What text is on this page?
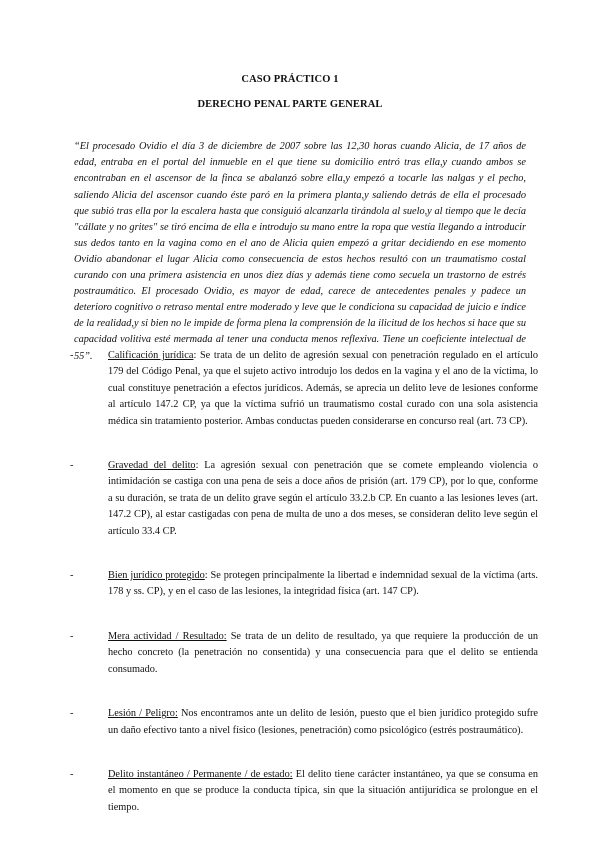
CASO PRÁCTICO 1
DERECHO PENAL PARTE GENERAL

“El procesado Ovidio el día 3 de diciembre de 2007 sobre las 12,30 horas cuando Alicia, de 17 años de edad, entraba en el portal del inmueble en el que tiene su domicilio entró tras ella,y cuando ambos se encontraban en el ascensor de la finca se abalanzó sobre ella,y empezó a tocarle las nalgas y el pecho, saliendo Alicia del ascensor cuando éste paró en la primera planta,y saliendo detrás de ella el procesado que subió tras ella por la escalera hasta que consiguió alcanzarla tirándola al suelo,y al tiempo que le decía "cállate y no grites" se tiró encima de ella e introdujo su mano entre la ropa que vestía llegando a introducir sus dedos tanto en la vagina como en el ano de Alicia quien empezó a gritar decidiendo en ese momento Ovidio abandonar el lugar Alicia como consecuencia de estos hechos resultó con un traumatismo costal curando con una primera asistencia en unos diez días y además tiene como secuela un trastorno de estrés postraumático. El procesado Ovidio, es mayor de edad, carece de antecedentes penales y padece un deterioro cognitivo o retraso mental entre moderado y leve que le condiciona su capacidad de juicio e índice de la realidad,y si bien no le impide de forma plena la comprensión de la ilicitud de los hechos si hace que su capacidad volitiva esté mermada al tener una conducta menos reflexiva. Tiene un coeficiente intelectual de 55”.

-	Calificación jurídica: Se trata de un delito de agresión sexual con penetración regulado en el artículo 179 del Código Penal, ya que el sujeto activo introdujo los dedos en la vagina y el ano de la víctima, lo cual constituye penetración a efectos jurídicos. Además, se aprecia un delito leve de lesiones conforme al artículo 147.2 CP, ya que la víctima sufrió un traumatismo costal curado con una sola asistencia médica sin tratamiento posterior. Ambas conductas pueden considerarse en concurso real (art. 73 CP).
-	Gravedad del delito: La agresión sexual con penetración que se comete empleando violencia o intimidación se castiga con una pena de seis a doce años de prisión (art. 179 CP), por lo que, conforme a su duración, se trata de un delito grave según el artículo 33.2.b CP. En cuanto a las lesiones leves (art. 147.2 CP), al estar castigadas con pena de multa de uno a dos meses, se consideran delito leve según el artículo 33.4 CP.
-	Bien jurídico protegido: Se protegen principalmente la libertad e indemnidad sexual de la víctima (arts. 178 y ss. CP), y en el caso de las lesiones, la integridad física (art. 147 CP).
-	Mera actividad / Resultado: Se trata de un delito de resultado, ya que requiere la producción de un hecho concreto (la penetración no consentida) y una consecuencia para que el delito se entienda consumado.
-	Lesión / Peligro: Nos encontramos ante un delito de lesión, puesto que el bien jurídico protegido sufre un daño efectivo tanto a nivel físico (lesiones, penetración) como psicológico (estrés postraumático).
-	Delito instantáneo / Permanente / de estado: El delito tiene carácter instantáneo, ya que se consuma en el momento en que se produce la conducta típica, sin que la situación antijurídica se prolongue en el tiempo.
